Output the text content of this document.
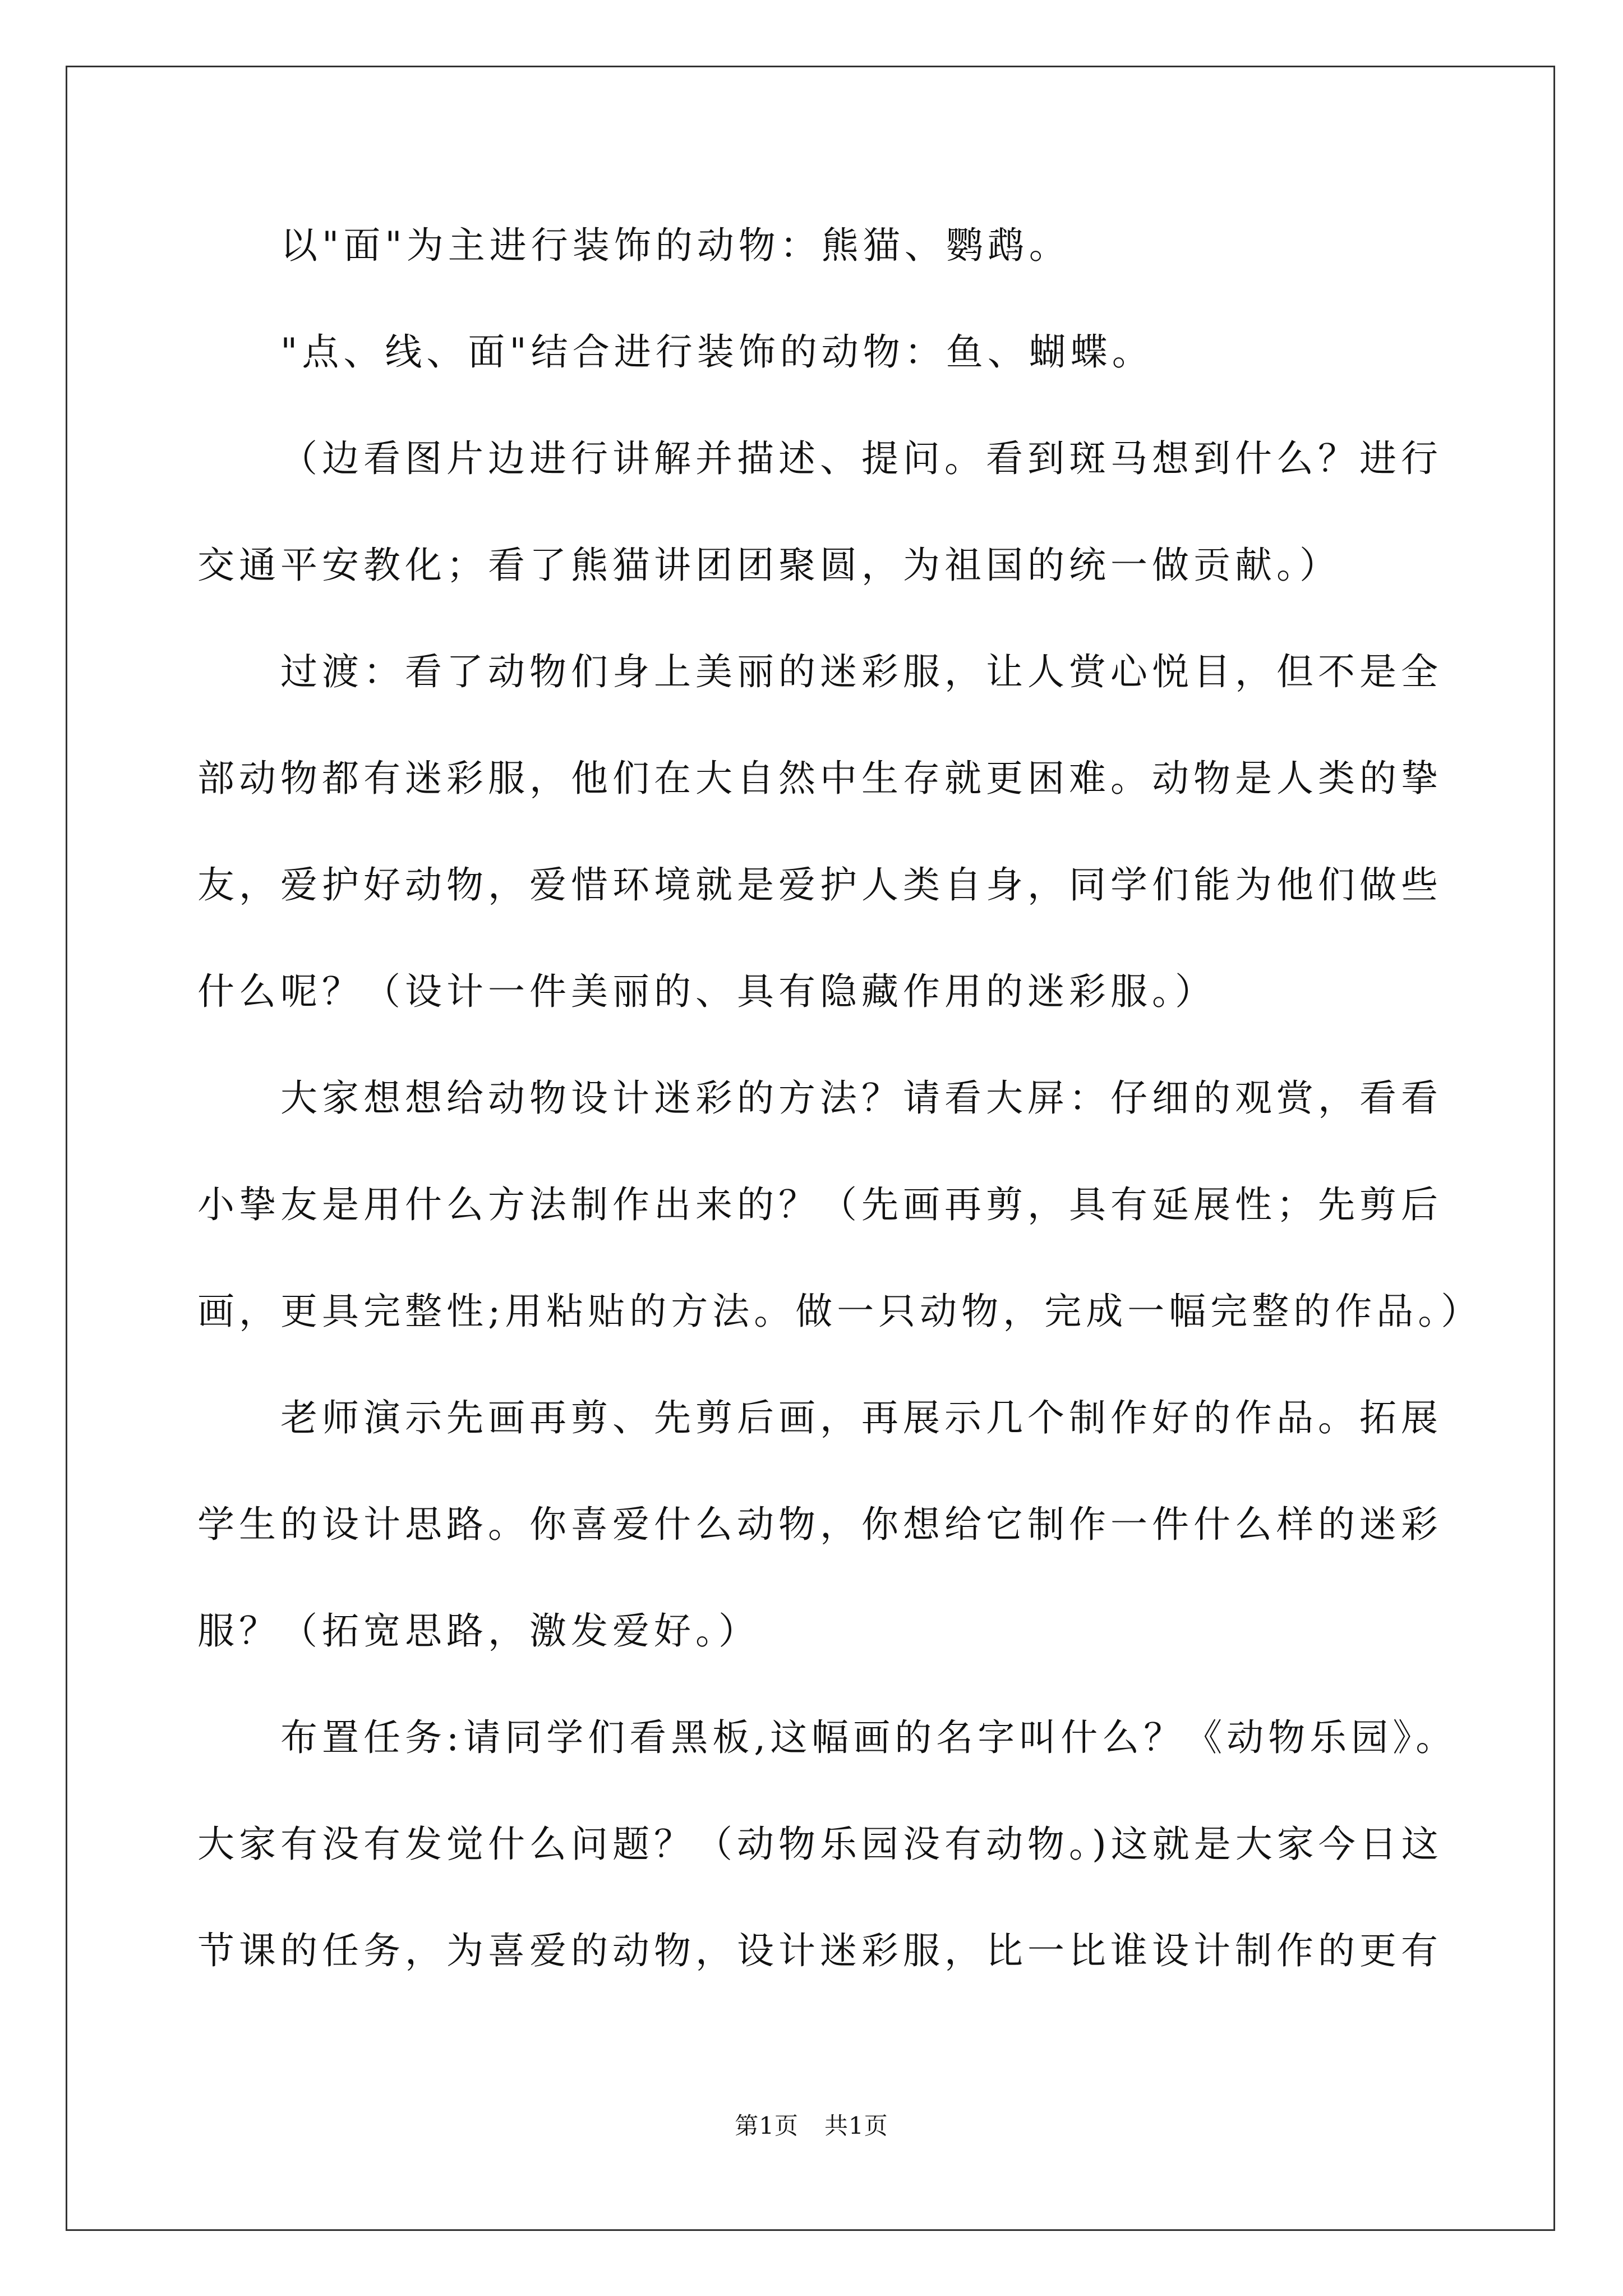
以"面"为主进行装饰的动物：熊猫、鹦鹉。
"点、线、面"结合进行装饰的动物：鱼、蝴蝶。
（边看图片边进行讲解并描述、提问。看到斑马想到什么？进行
交通平安教化；看了熊猫讲团团聚圆，为祖国的统一做贡献。）
过渡：看了动物们身上美丽的迷彩服，让人赏心悦目，但不是全
部动物都有迷彩服，他们在大自然中生存就更困难。动物是人类的挚
友，爱护好动物，爱惜环境就是爱护人类自身，同学们能为他们做些
什么呢？（设计一件美丽的、具有隐藏作用的迷彩服。）
大家想想给动物设计迷彩的方法？请看大屏：仔细的观赏，看看
小挚友是用什么方法制作出来的？（先画再剪，具有延展性；先剪后
画，更具完整性;用粘贴的方法。做一只动物，完成一幅完整的作品。）
老师演示先画再剪、先剪后画，再展示几个制作好的作品。拓展
学生的设计思路。你喜爱什么动物，你想给它制作一件什么样的迷彩
服？（拓宽思路，激发爱好。）
布置任务:请同学们看黑板,这幅画的名字叫什么？《动物乐园》。
大家有没有发觉什么问题？（动物乐园没有动物。)这就是大家今日这
节课的任务，为喜爱的动物，设计迷彩服，比一比谁设计制作的更有
第1页 共1页
